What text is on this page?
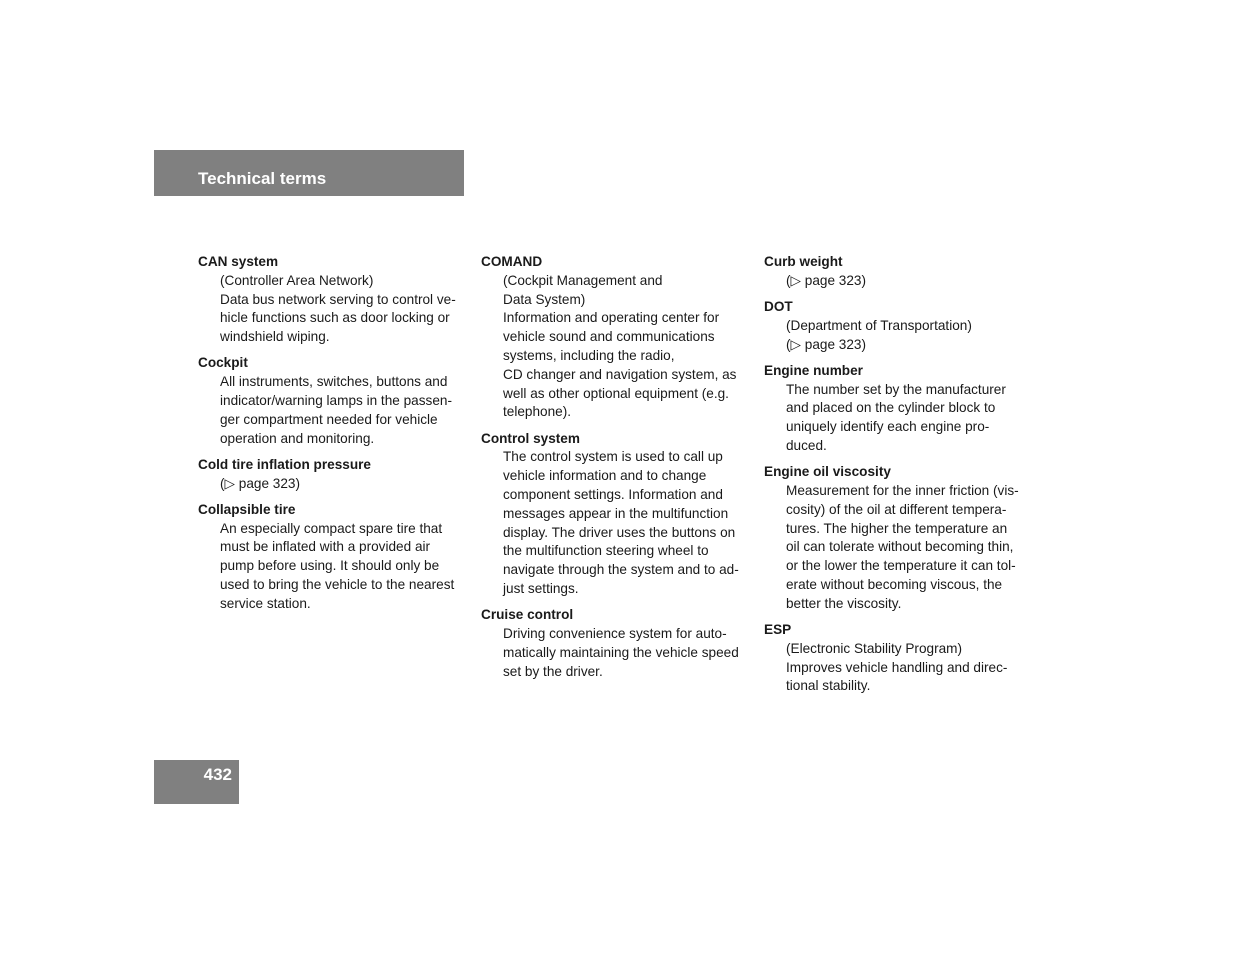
Technical terms
CAN system
(Controller Area Network)
Data bus network serving to control ve-
hicle functions such as door locking or
windshield wiping.
Cockpit
All instruments, switches, buttons and
indicator/warning lamps in the passen-
ger compartment needed for vehicle
operation and monitoring.
Cold tire inflation pressure
(▷ page 323)
Collapsible tire
An especially compact spare tire that
must be inflated with a provided air
pump before using. It should only be
used to bring the vehicle to the nearest
service station.
COMAND
(Cockpit Management and
Data System)
Information and operating center for
vehicle sound and communications
systems, including the radio,
CD changer and navigation system, as
well as other optional equipment (e.g.
telephone).
Control system
The control system is used to call up
vehicle information and to change
component settings. Information and
messages appear in the multifunction
display. The driver uses the buttons on
the multifunction steering wheel to
navigate through the system and to ad-
just settings.
Cruise control
Driving convenience system for auto-
matically maintaining the vehicle speed
set by the driver.
Curb weight
(▷ page 323)
DOT
(Department of Transportation)
(▷ page 323)
Engine number
The number set by the manufacturer
and placed on the cylinder block to
uniquely identify each engine pro-
duced.
Engine oil viscosity
Measurement for the inner friction (vis-
cosity) of the oil at different tempera-
tures. The higher the temperature an
oil can tolerate without becoming thin,
or the lower the temperature it can tol-
erate without becoming viscous, the
better the viscosity.
ESP
(Electronic Stability Program)
Improves vehicle handling and direc-
tional stability.
432
